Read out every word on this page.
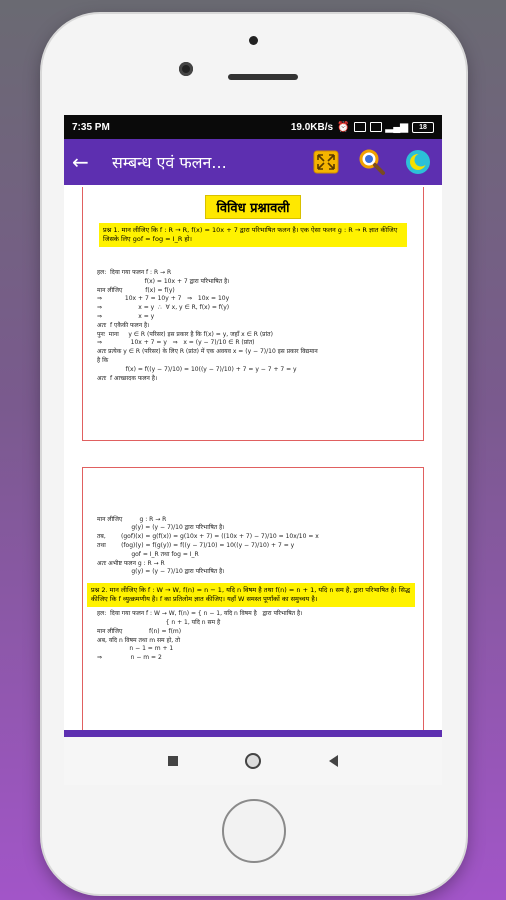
7:35 PM	19.0KB/s ⏰	▂▄▆	18
←	सम्बन्ध एवं फलन...
विविध प्रश्नावली
प्रश्न 1. मान लीजिए कि f : R → R, f(x) = 10x + 7 द्वारा परिभाषित फलन है। एक ऐसा फलन g : R → R ज्ञात कीजिए जिसके लिए gof = fog = I_R हो।
हल:  दिया गया फलन f : R → R
f(x) = 10x + 7 द्वारा परिभाषित है।
मान लीजिए            f(x) = f(y)
⇒            10x + 7 = 10y + 7   ⇒   10x = 10y
⇒                   x = y  ∴  ∀ x, y ∈ R, f(x) = f(y)
⇒                   x = y
अतः  f एकैकी फलन है।
पुनः  माना     y ∈ R (परिसर) इस प्रकार है कि f(x) = y, जहाँ x ∈ R (प्रांत)
⇒               10x + 7 = y   ⇒   x = (y − 7)/10 ∈ R (प्रांत)
अतः प्रत्येक y ∈ R (परिसर) के लिए R (प्रांत) में एक अवयव x = (y − 7)/10 इस प्रकार विद्यमान
है कि
f(x) = f((y − 7)/10) = 10((y − 7)/10) + 7 = y − 7 + 7 = y
अतः  f आच्छादक फलन है।

मान लीजिए         g : R → R
g(y) = (y − 7)/10 द्वारा परिभाषित है।
तब,        (gof)(x) = g(f(x)) = g(10x + 7) = ((10x + 7) − 7)/10 = 10x/10 = x
तथा        (fog)(y) = f(g(y)) = f((y − 7)/10) = 10((y − 7)/10) + 7 = y
gof = I_R तथा fog = I_R
अतः अभीष्ट फलन g : R → R
g(y) = (y − 7)/10 द्वारा परिभाषित है।
प्रश्न 2. मान लीजिए कि f : W → W, f(n) = n − 1, यदि n विषम है तथा f(n) = n + 1, यदि n सम है, द्वारा परिभाषित है। सिद्ध कीजिए कि f व्युत्क्रमणीय है। f का प्रतिलोम ज्ञात कीजिए। यहाँ W समस्त पूर्णांकों का समुच्चय है।
हल:  दिया गया फलन f : W → W, f(n) = { n − 1, यदि n विषम है   द्वारा परिभाषित है।
{ n + 1, यदि n सम है
मान लीजिए              f(n) = f(m)
अब, यदि n विषम तथा m सम हो, तो
n − 1 = m + 1
⇒               n − m = 2
